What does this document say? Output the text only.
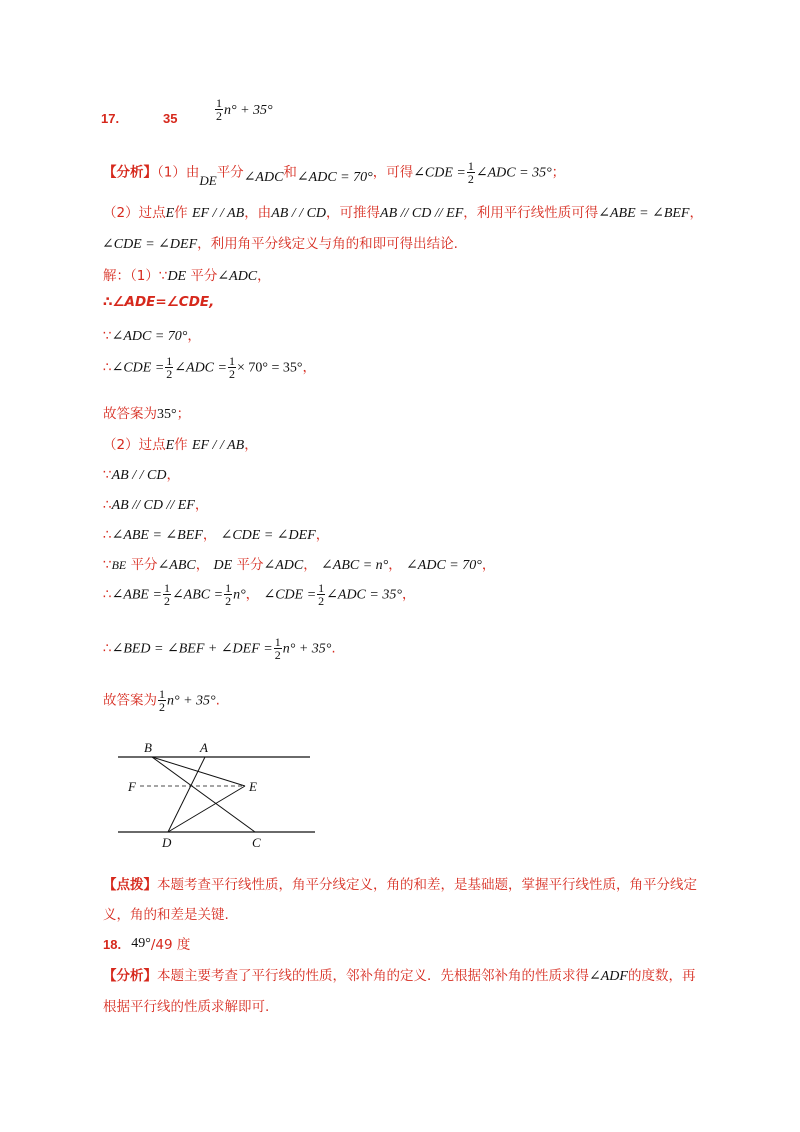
17.	35	$\frac{1}{2} n^\circ + 35^\circ$
【分析】（1）由DE平分∠ADC和∠ADC = 70°，可得∠CDE = $\frac{1}{2}$ ∠ADC = 35°；
（2）过点E作 EF / / AB，由AB / / CD，可推得AB // CD // EF，利用平行线性质可得∠ABE = ∠BEF，
∠CDE = ∠DEF，利用角平分线定义与角的和即可得出结论.
解：（1）∵DE 平分∠ADC，
∴∠ADE=∠CDE,
∵∠ADC = 70°，
∴∠CDE = $\frac{1}{2}$ ∠ADC = $\frac{1}{2} \times 70^\circ = 35^\circ$，
故答案为35°；
（2）过点E作 EF / / AB，
∵AB / / CD，
∴AB // CD // EF，
∴∠ABE = ∠BEF， ∠CDE = ∠DEF，
∵BE 平分∠ABC， DE 平分∠ADC， ∠ABC = n°， ∠ADC = 70°，
∴∠ABE = $\frac{1}{2}$ ∠ABC = $\frac{1}{2} n^\circ$， ∠CDE = $\frac{1}{2}$ ∠ADC = 35°，
∴∠BED = ∠BEF + ∠DEF = $\frac{1}{2} n^\circ + 35^\circ$.
故答案为 $\frac{1}{2} n^\circ + 35^\circ$.
B	A
F	E
D	C
【点拨】本题考查平行线性质，角平分线定义，角的和差，是基础题，掌握平行线性质，角平分线定
义，角的和差是关键.
18. 49°/49 度
【分析】本题主要考查了平行线的性质，邻补角的定义．先根据邻补角的性质求得∠ADF的度数，再
根据平行线的性质求解即可.
